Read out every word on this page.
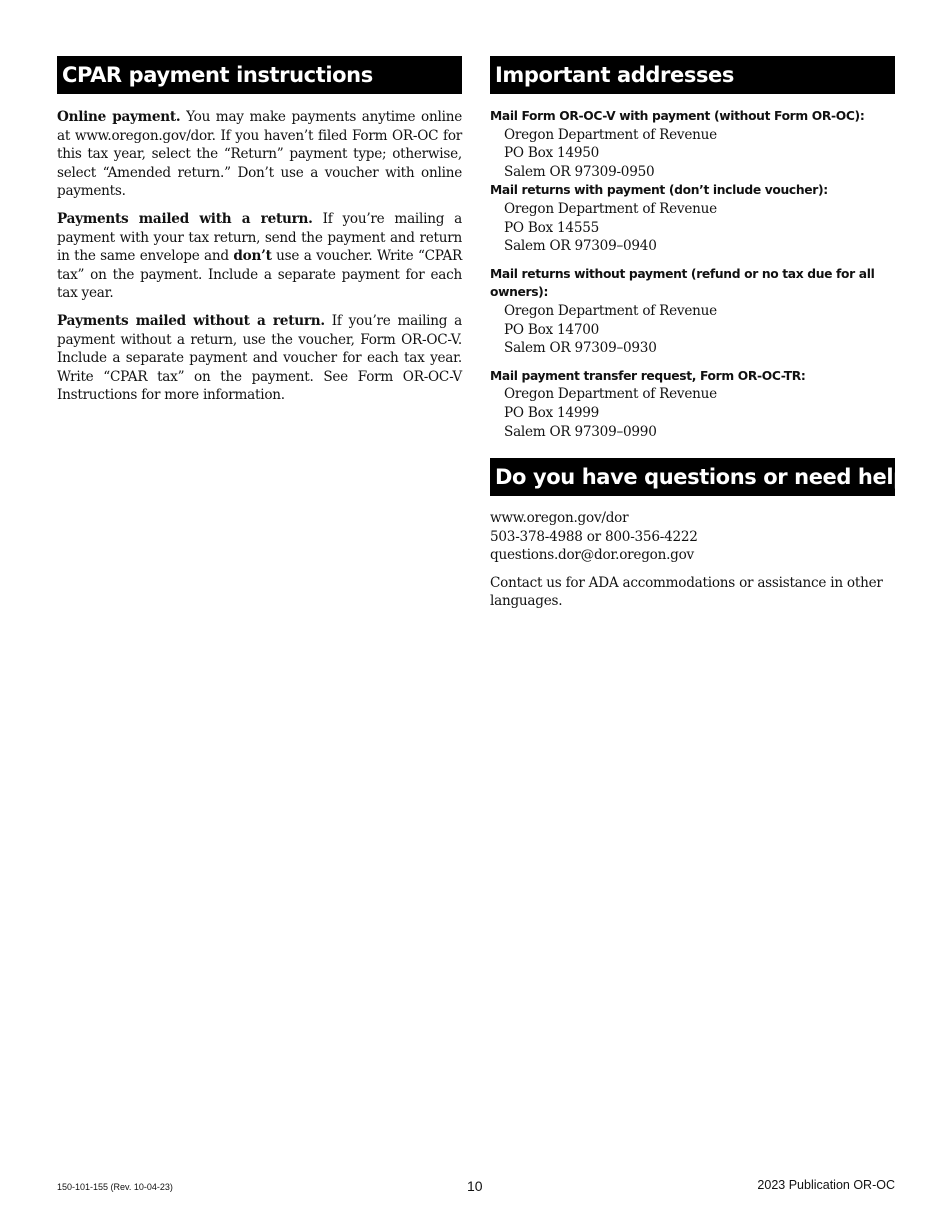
CPAR payment instructions

Online payment. You may make payments anytime online at www.oregon.gov/dor. If you haven’t filed Form OR-OC for this tax year, select the “Return” payment type; otherwise, select “Amended return.” Don’t use a voucher with online payments.

Payments mailed with a return. If you’re mailing a payment with your tax return, send the payment and return in the same envelope and don’t use a voucher. Write “CPAR tax” on the payment. Include a separate payment for each tax year.

Payments mailed without a return. If you’re mailing a payment without a return, use the voucher, Form OR-OC-V. Include a separate payment and voucher for each tax year. Write “CPAR tax” on the payment. See Form OR-OC-V Instructions for more information.

Important addresses

Mail Form OR-OC-V with payment (without Form OR-OC):

Oregon Department of Revenue

PO Box 14950

Salem OR 97309-0950

Mail returns with payment (don’t include voucher):

Oregon Department of Revenue

PO Box 14555

Salem OR 97309–0940

Mail returns without payment (refund or no tax due for all owners):

Oregon Department of Revenue

PO Box 14700

Salem OR 97309–0930

Mail payment transfer request, Form OR-OC-TR:

Oregon Department of Revenue

PO Box 14999

Salem OR 97309–0990

Do you have questions or need help?

www.oregon.gov/dor

503-378-4988 or 800-356-4222

questions.dor@dor.oregon.gov

Contact us for ADA accommodations or assistance in other languages.

150-101-155 (Rev. 10-04-23)	10	2023 Publication OR-OC
